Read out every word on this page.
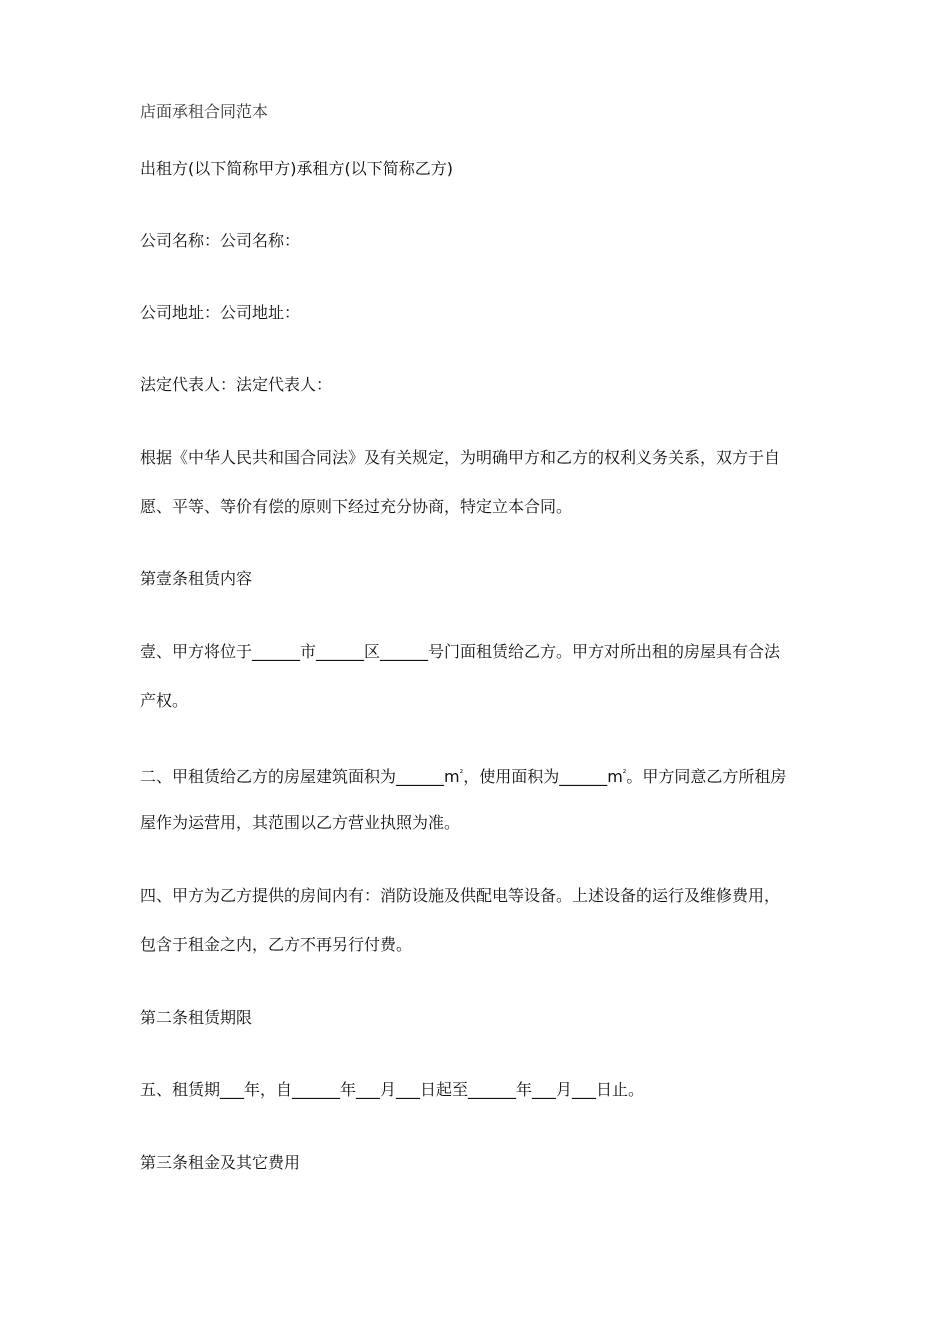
店面承租合同范本

出租方(以下简称甲方)承租方(以下简称乙方)

公司名称：公司名称：

公司地址：公司地址：

法定代表人：法定代表人：

根据《中华人民共和国合同法》及有关规定，为明确甲方和乙方的权利义务关系，双方于自

愿、平等、等价有偿的原则下经过充分协商，特定立本合同。

第壹条租赁内容

壹、甲方将位于______市______区______号门面租赁给乙方。甲方对所出租的房屋具有合法

产权。

二、甲租赁给乙方的房屋建筑面积为$\_\_\_\_\_\_m^{^2}$，使用面积为$\_\_\_\_\_\_m^{^2}$。甲方同意乙方所租房

屋作为运营用，其范围以乙方营业执照为准。

四、甲方为乙方提供的房间内有：消防设施及供配电等设备。上述设备的运行及维修费用，

包含于租金之内，乙方不再另行付费。

第二条租赁期限

五、租赁期___年，自______年___月___日起至______年___月___日止。

第三条租金及其它费用
